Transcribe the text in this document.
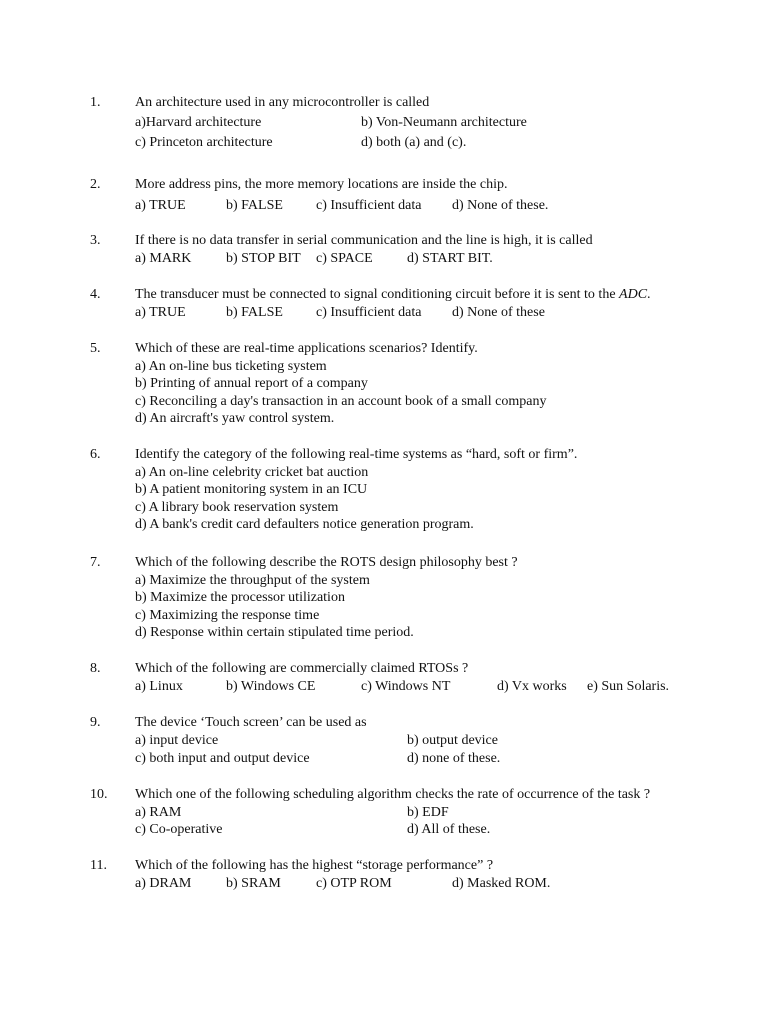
1. An architecture used in any microcontroller is called
a)Harvard architecture	b) Von-Neumann architecture
c) Princeton architecture	d) both (a) and (c).
2. More address pins, the more memory locations are inside the chip.
a) TRUE	b) FALSE c) Insufficient data d) None of these.
3. If there is no data transfer in serial communication and the line is high, it is called
a) MARK b) STOP BIT c) SPACE d) START BIT.
4. The transducer must be connected to signal conditioning circuit before it is sent to the ADC.
a) TRUE	b) FALSE c) Insufficient data d) None of these
5. Which of these are real-time applications scenarios? Identify.
a) An on-line bus ticketing system
b) Printing of annual report of a company
c) Reconciling a day's transaction in an account book of a small company
d) An aircraft's yaw control system.
6. Identify the category of the following real-time systems as “hard, soft or firm”.
a) An on-line celebrity cricket bat auction
b) A patient monitoring system in an ICU
c) A library book reservation system
d) A bank's credit card defaulters notice generation program.
7. Which of the following describe the ROTS design philosophy best ?
a) Maximize the throughput of the system
b) Maximize the processor utilization
c) Maximizing the response time
d) Response within certain stipulated time period.
8. Which of the following are commercially claimed RTOSs ?
a) Linux	b) Windows CE	c) Windows NT	d) Vx works e) Sun Solaris.
9. The device ‘Touch screen’ can be used as
a) input device	b) output device
c) both input and output device	d) none of these.
10. Which one of the following scheduling algorithm checks the rate of occurrence of the task ?
a) RAM	b) EDF
c) Co-operative	d) All of these.
11. Which of the following has the highest “storage performance” ?
a) DRAM b) SRAM	c) OTP ROM	d) Masked ROM.
